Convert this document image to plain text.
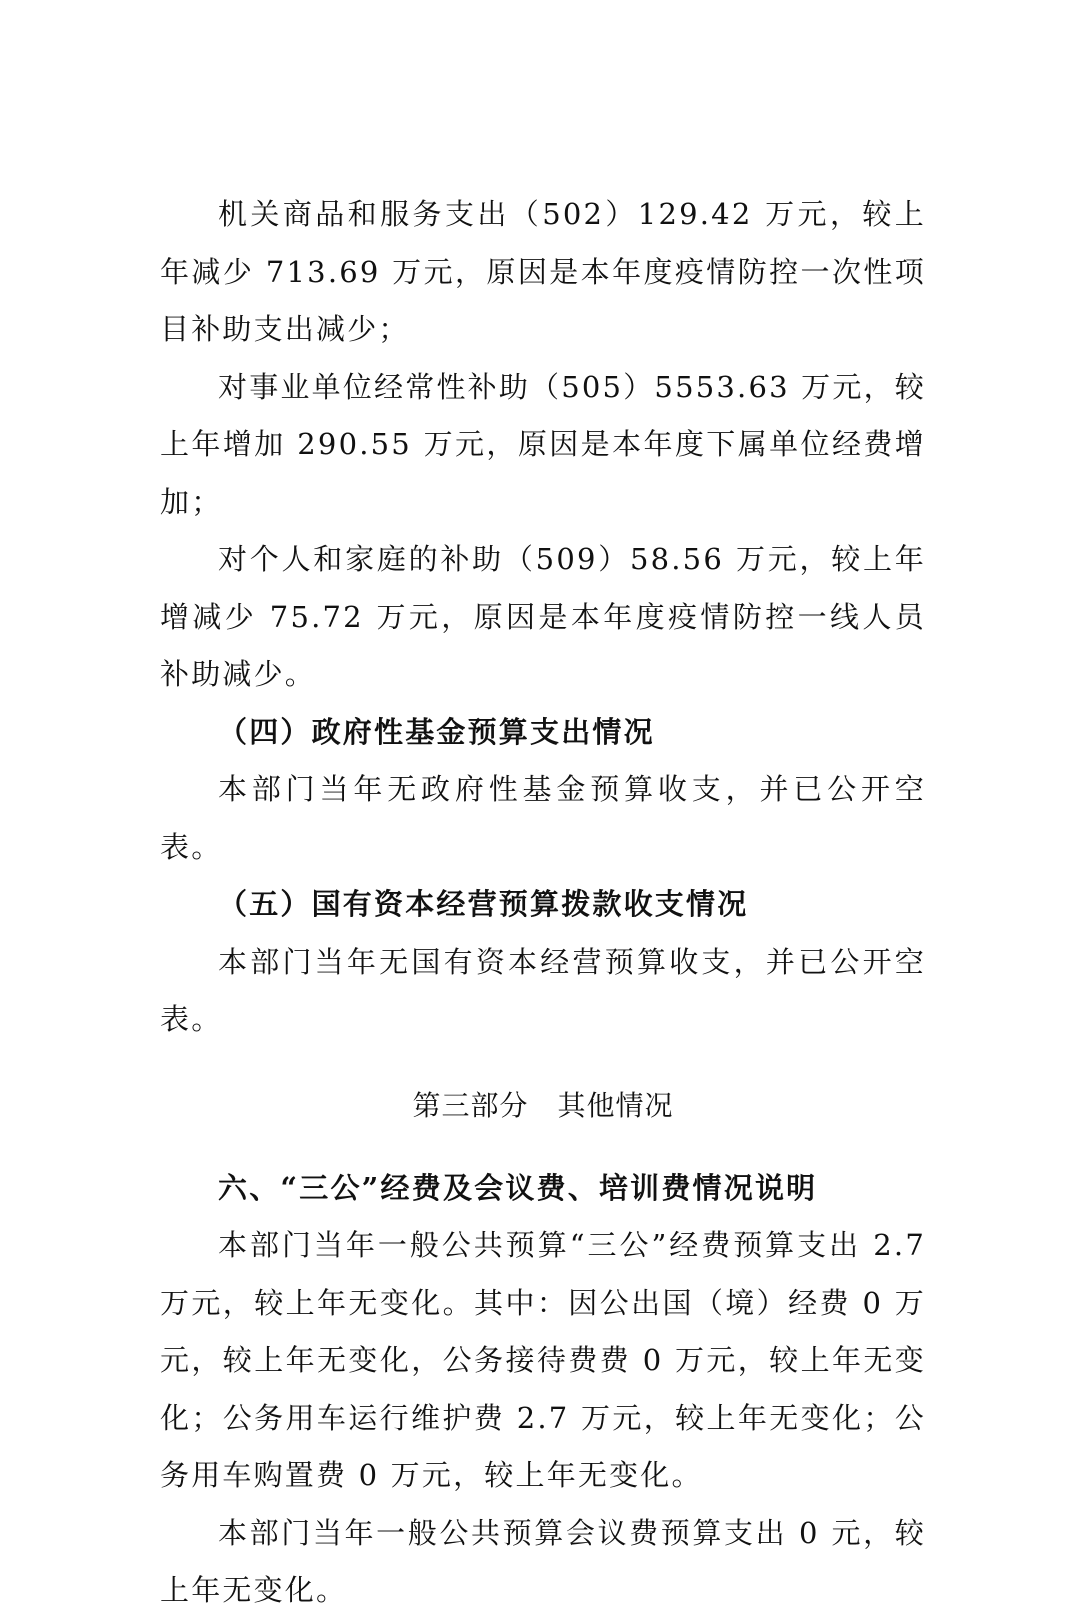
机关商品和服务支出（502）129.42 万元，较上年减少 713.69 万元，原因是本年度疫情防控一次性项目补助支出减少；

对事业单位经常性补助（505）5553.63 万元，较上年增加 290.55 万元，原因是本年度下属单位经费增加；

对个人和家庭的补助（509）58.56 万元，较上年增减少 75.72 万元，原因是本年度疫情防控一线人员补助减少。

（四）政府性基金预算支出情况

本部门当年无政府性基金预算收支，并已公开空表。

（五）国有资本经营预算拨款收支情况

本部门当年无国有资本经营预算收支，并已公开空表。

第三部分　其他情况

六、“三公”经费及会议费、培训费情况说明

本部门当年一般公共预算“三公”经费预算支出 2.7 万元，较上年无变化。其中：因公出国（境）经费 0 万元，较上年无变化，公务接待费费 0 万元，较上年无变化；公务用车运行维护费 2.7 万元，较上年无变化；公务用车购置费 0 万元，较上年无变化。

本部门当年一般公共预算会议费预算支出 0 元，较上年无变化。
